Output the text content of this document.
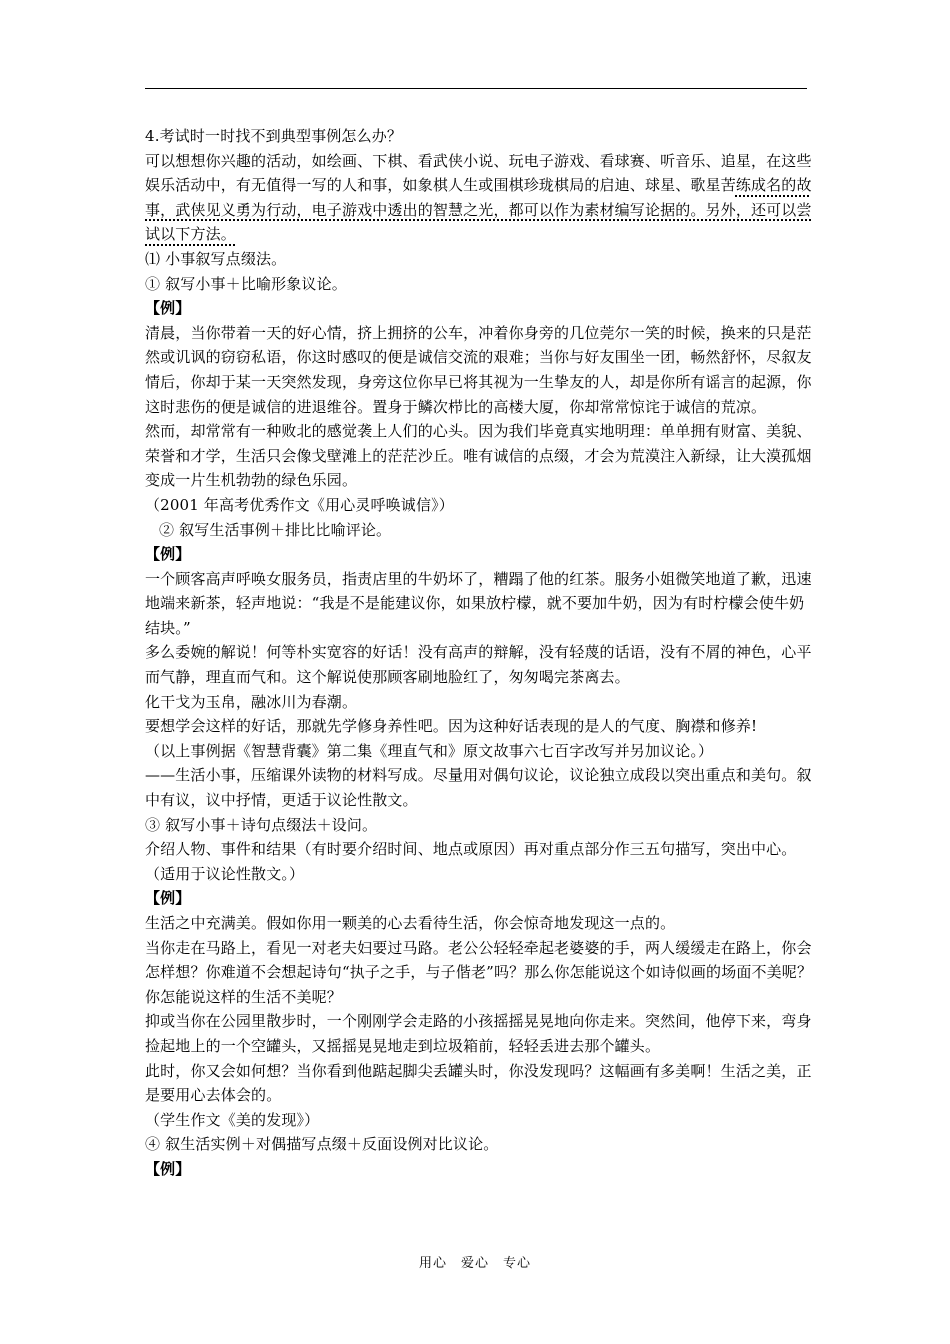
4.考试时一时找不到典型事例怎么办？

可以想想你兴趣的活动，如绘画、下棋、看武侠小说、玩电子游戏、看球赛、听音乐、追星，在这些娱乐活动中，有无值得一写的人和事，如象棋人生或围棋珍珑棋局的启迪、球星、歌星苦练成名的故事，武侠见义勇为行动，电子游戏中透出的智慧之光，都可以作为素材编写论据的。另外，还可以尝试以下方法。

⑴ 小事叙写点缀法。

① 叙写小事＋比喻形象议论。

【例】

清晨，当你带着一天的好心情，挤上拥挤的公车，冲着你身旁的几位莞尔一笑的时候，换来的只是茫然或讥讽的窃窃私语，你这时感叹的便是诚信交流的艰难；当你与好友围坐一团，畅然舒怀，尽叙友情后，你却于某一天突然发现，身旁这位你早已将其视为一生挚友的人，却是你所有谣言的起源，你这时悲伤的便是诚信的进退维谷。置身于鳞次栉比的高楼大厦，你却常常惊诧于诚信的荒凉。

然而，却常常有一种败北的感觉袭上人们的心头。因为我们毕竟真实地明理：单单拥有财富、美貌、荣誉和才学，生活只会像戈壁滩上的茫茫沙丘。唯有诚信的点缀，才会为荒漠注入新绿，让大漠孤烟变成一片生机勃勃的绿色乐园。

（2001 年高考优秀作文《用心灵呼唤诚信》）

② 叙写生活事例＋排比比喻评论。

【例】

一个顾客高声呼唤女服务员，指责店里的牛奶坏了，糟蹋了他的红茶。服务小姐微笑地道了歉，迅速地端来新茶，轻声地说：“我是不是能建议你，如果放柠檬，就不要加牛奶，因为有时柠檬会使牛奶结块。”

多么委婉的解说！何等朴实宽容的好话！没有高声的辩解，没有轻蔑的话语，没有不屑的神色，心平而气静，理直而气和。这个解说使那顾客刷地脸红了，匆匆喝完茶离去。

化干戈为玉帛，融冰川为春潮。

要想学会这样的好话，那就先学修身养性吧。因为这种好话表现的是人的气度、胸襟和修养!

（以上事例据《智慧背囊》第二集《理直气和》原文故事六七百字改写并另加议论。）

——生活小事，压缩课外读物的材料写成。尽量用对偶句议论，议论独立成段以突出重点和美句。叙中有议，议中抒情，更适于议论性散文。

③ 叙写小事＋诗句点缀法＋设问。

介绍人物、事件和结果（有时要介绍时间、地点或原因）再对重点部分作三五句描写，突出中心。（适用于议论性散文。）

【例】

生活之中充满美。假如你用一颗美的心去看待生活，你会惊奇地发现这一点的。

当你走在马路上，看见一对老夫妇要过马路。老公公轻轻牵起老婆婆的手，两人缓缓走在路上，你会怎样想？你难道不会想起诗句“执子之手，与子偕老”吗？那么你怎能说这个如诗似画的场面不美呢？你怎能说这样的生活不美呢？

抑或当你在公园里散步时，一个刚刚学会走路的小孩摇摇晃晃地向你走来。突然间，他停下来，弯身捡起地上的一个空罐头，又摇摇晃晃地走到垃圾箱前，轻轻丢进去那个罐头。

此时，你又会如何想？当你看到他踮起脚尖丢罐头时，你没发现吗？这幅画有多美啊！生活之美，正是要用心去体会的。

（学生作文《美的发现》）

④ 叙生活实例＋对偶描写点缀＋反面设例对比议论。

【例】

用心　爱心　专心
